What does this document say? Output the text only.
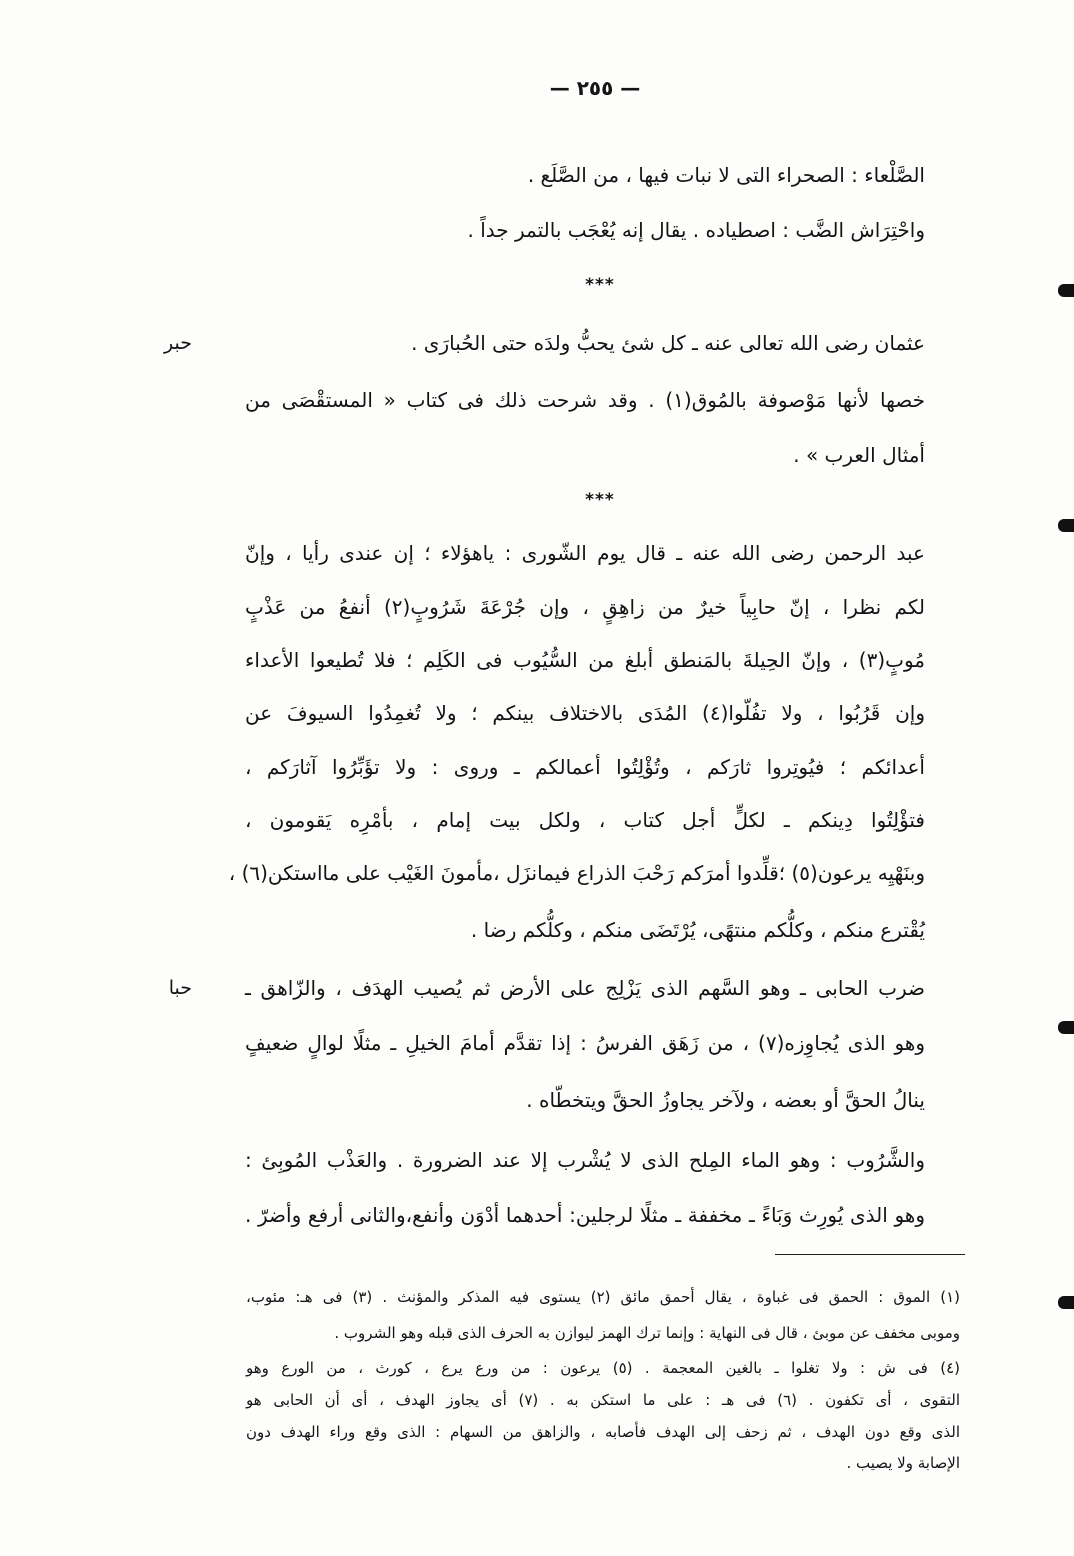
— ٢٥٥ —
الصَّلْعاء : الصحراء التى لا نبات فيها ، من الصَّلَع .
واحْتِرَاش الضَّب : اصطياده . يقال إنه يُعْجَب بالتمر جداً .
***
حبر	عثمان رضى الله تعالى عنه ـ كل شئ يحبُّ ولدَه حتى الحُبارَى .
خصها لأنها مَوْصوفة بالمُوق(١) . وقد شرحت ذلك فى كتاب « المستقْصَى من
أمثال العرب » .
***
عبد الرحمن رضى الله عنه ـ قال يوم الشّورى : ياهؤلاء ؛ إن عندى رأيا ، وإنّ
لكم نظرا ، إنّ حابِياً خيرٌ من زاهِقٍ ، وإن جُرْعَةَ شَرُوبٍ(٢) أنفعُ من عَذْبٍ
مُوبٍ(٣) ، وإنّ الحِيلةَ بالمَنطق أبلغ من السُّيُوب فى الكَلِم ؛ فلا تُطيعوا الأعداء
وإن قَرُبُوا ، ولا تفُلّوا(٤) المُدَى بالاختلاف بينكم ؛ ولا تُغمِدُوا السيوفَ عن
أعدائكم ؛ فيُوتِروا ثارَكم ، وتُؤْلِتُوا أعمالكم ـ وروى : ولا تؤَبِّرُوا آثارَكم ،
فتؤْلِتُوا دِينكم ـ لكلٍّ أجل كتاب ، ولكل بيت إمام ، بأمْرِه يَقومون ،
وبنَهْيِه يرعون(٥) ؛قلِّدوا أمرَكم رَحْبَ الذراع فيمانزَل ،مأمونَ الغَيْب على مااستكن(٦) ،
يُقْترع منكم ، وكلُّكم منتهًى، يُرْتَضَى منكم ، وكلُّكم رضا .
حبا	ضرب الحابى ـ وهو السَّهم الذى يَزْلِج على الأرض ثم يُصيب الهدَف ، والزّاهق ـ
وهو الذى يُجاوِزه(٧) ، من زَهَق الفرسُ : إذا تقدَّم أمامَ الخيلِ ـ مثلًا لوالٍ ضعيفٍ
ينالُ الحقَّ أو بعضه ، ولآخر يجاوزُ الحقَّ ويتخطّاه .
والشَّرُوب : وهو الماء المِلح الذى لا يُشْرب إلا عند الضرورة . والعَذْب المُوبِئ :
وهو الذى يُورِث وَبَاءً ـ مخففة ـ مثلًا لرجلين: أحدهما أدْوَن وأنفع،والثانى أرفع وأضرّ .
(١) الموق : الحمق فى غباوة ، يقال أحمق مائق (٢) يستوى فيه المذكر والمؤنث . (٣) فى هـ: مئوب،
وموبى مخفف عن موبئ ، قال فى النهاية : وإنما ترك الهمز ليوازن به الحرف الذى قبله وهو الشروب .
(٤) فى ش : ولا تغلوا ـ بالغين المعجمة . (٥) يرعون : من ورع يرع ، كورث ، من الورع وهو
التقوى ، أى تكفون . (٦) فى هـ : على ما استكن به . (٧) أى يجاوز الهدف ، أى أن الحابى هو
الذى وقع دون الهدف ، ثم زحف إلى الهدف فأصابه ، والزاهق من السهام : الذى وقع وراء الهدف دون
الإصابة ولا يصيب .
